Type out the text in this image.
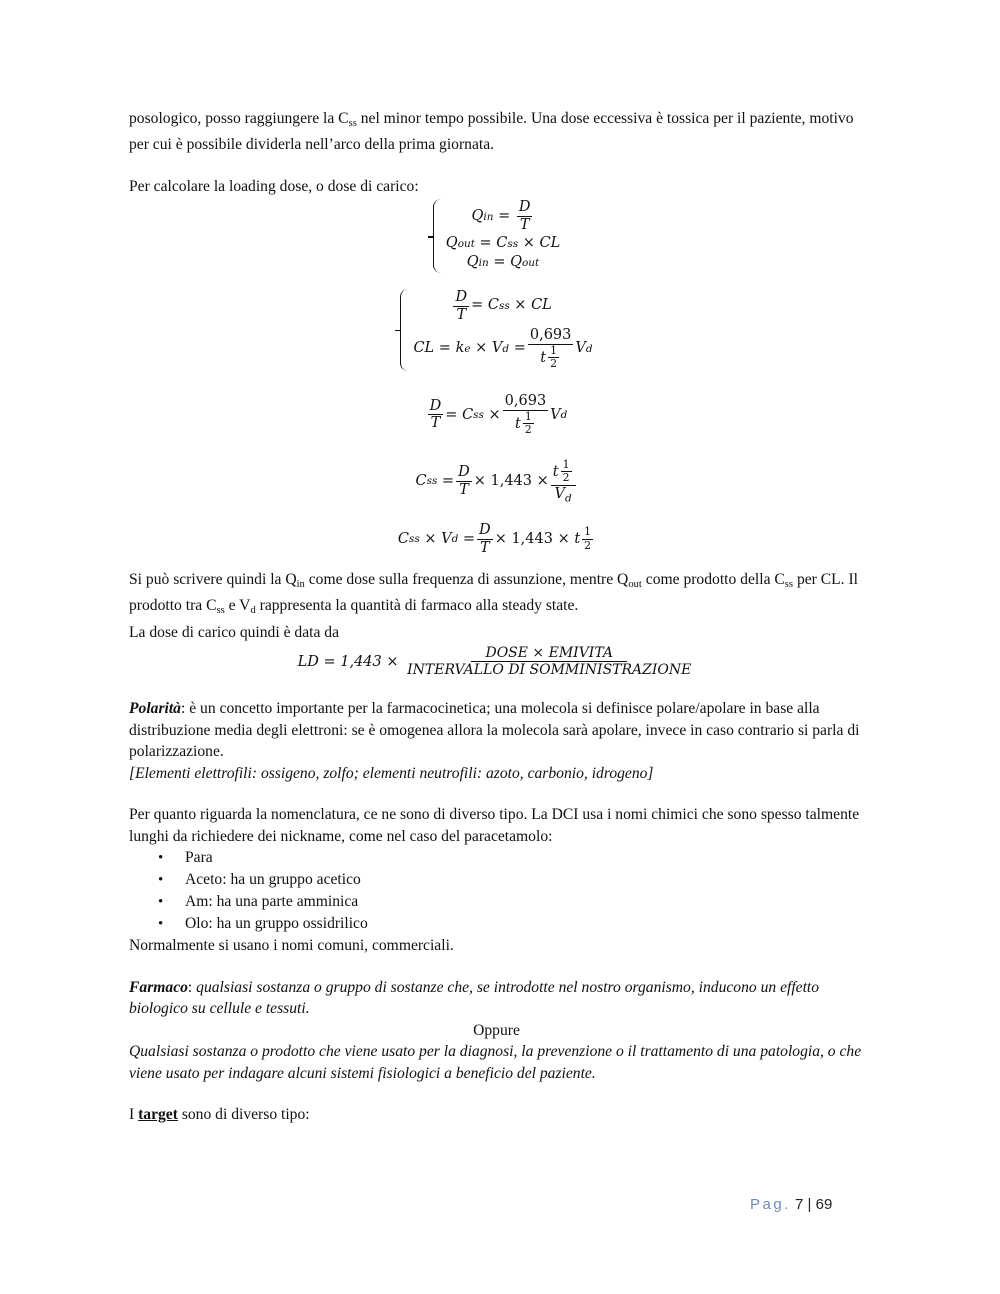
posologico, posso raggiungere la $C_{ss}$ nel minor tempo possibile. Una dose eccessiva è tossica per il paziente, motivo per cui è possibile dividerla nell’arco della prima giornata.

Per calcolare la loading dose, o dose di carico:

Q in
=
$\frac{D}{T}$
Q out
=
C ss
×
CL
Q in
=
Q out
$\frac{D}{T}$ =
C ss
×
CL
CL
=
k e
×
V d
= $\frac{0,693}{t \frac{1}{2}}$ V d
$\frac{D}{T}$ =
C ss
× $\frac{0,693}{t \frac{1}{2}}$ V d
C ss
= $\frac{D}{T}$ ×
1,443
× $\frac{t \frac{1}{2}}{V_d}$
C ss
×
V d
= $\frac{D}{T}$ ×
1,443
×
t $\frac{1}{2}$

Si può scrivere quindi la $Q_{in}$ come dose sulla frequenza di assunzione, mentre $Q_{out}$ come prodotto della $C_{ss}$ per CL. Il prodotto tra $C_{ss}$ e $V_d$ rappresenta la quantità di farmaco alla steady state.

La dose di carico quindi è data da

LD = 1,443 ×
$\frac{\text{DOSE × EMIVITA}}{\text{INTERVALLO DI SOMMINISTRAZIONE}}$

Polarità: è un concetto importante per la farmacocinetica; una molecola si definisce polare/apolare in base alla distribuzione media degli elettroni: se è omogenea allora la molecola sarà apolare, invece in caso contrario si parla di polarizzazione.

[Elementi elettrofili: ossigeno, zolfo; elementi neutrofili: azoto, carbonio, idrogeno]

Per quanto riguarda la nomenclatura, ce ne sono di diverso tipo. La DCI usa i nomi chimici che sono spesso talmente lunghi da richiedere dei nickname, come nel caso del paracetamolo:

• Para
• Aceto: ha un gruppo acetico
• Am: ha una parte amminica
• Olo: ha un gruppo ossidrilico

Normalmente si usano i nomi comuni, commerciali.

Farmaco: qualsiasi sostanza o gruppo di sostanze che, se introdotte nel nostro organismo, inducono un effetto biologico su cellule e tessuti.

Oppure

Qualsiasi sostanza o prodotto che viene usato per la diagnosi, la prevenzione o il trattamento di una patologia, o che viene usato per indagare alcuni sistemi fisiologici a beneficio del paziente.

I target sono di diverso tipo:

Pag. 7 | 69
